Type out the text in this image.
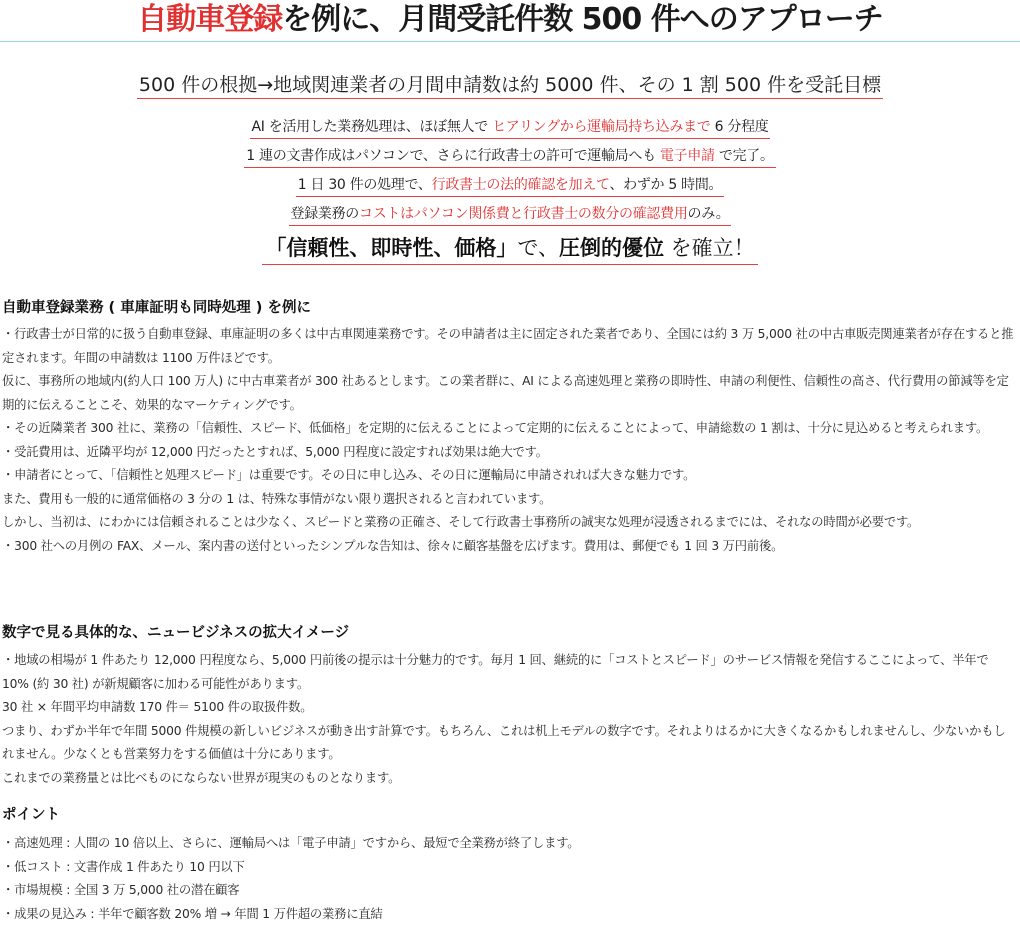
自動車登録を例に、月間受託件数 500 件へのアプローチ
500 件の根拠→地域関連業者の月間申請数は約 5000 件、その 1 割 500 件を受託目標
AI を活用した業務処理は、ほぼ無人で ヒアリングから運輸局持ち込みまで 6 分程度
1 連の文書作成はパソコンで、さらに行政書士の許可で運輸局へも 電子申請 で完了。
1 日 30 件の処理で、行政書士の法的確認を加えて、わずか 5 時間。
登録業務のコストはパソコン関係費と行政書士の数分の確認費用のみ。
「信頼性、即時性、価格」で、圧倒的優位 を確立！
自動車登録業務 ( 車庫証明も同時処理 ) を例に

・行政書士が日常的に扱う自動車登録、車庫証明の多くは中古車関連業務です。その申請者は主に固定された業者であり、全国には約 3 万 5,000 社の中古車販売関連業者が存在すると推定されます。年間の申請数は 1100 万件ほどです。

仮に、事務所の地域内(約人口 100 万人) に中古車業者が 300 社あるとします。この業者群に、AI による高速処理と業務の即時性、申請の利便性、信頼性の高さ、代行費用の節減等を定期的に伝えることこそ、効果的なマーケティングです。

・その近隣業者 300 社に、業務の「信頼性、スピード、低価格」を定期的に伝えることによって定期的に伝えることによって、申請総数の 1 割は、十分に見込めると考えられます。

・受託費用は、近隣平均が 12,000 円だったとすれば、5,000 円程度に設定すれば効果は絶大です。

・申請者にとって、「信頼性と処理スピード」は重要です。その日に申し込み、その日に運輸局に申請されれば大きな魅力です。

また、費用も一般的に通常価格の 3 分の 1 は、特殊な事情がない限り選択されると言われています。

しかし、当初は、にわかには信頼されることは少なく、スピードと業務の正確さ、そして行政書士事務所の誠実な処理が浸透されるまでには、それなの時間が必要です。

・300 社への月例の FAX、メール、案内書の送付といったシンプルな告知は、徐々に顧客基盤を広げます。費用は、郵便でも 1 回 3 万円前後。

数字で見る具体的な、ニュービジネスの拡大イメージ

・地域の相場が 1 件あたり 12,000 円程度なら、5,000 円前後の提示は十分魅力的です。毎月 1 回、継続的に「コストとスピード」のサービス情報を発信するここによって、半年で 10% (約 30 社) が新規顧客に加わる可能性があります。

30 社 × 年間平均申請数 170 件＝ 5100 件の取扱件数。

つまり、わずか半年で年間 5000 件規模の新しいビジネスが動き出す計算です。もちろん、これは机上モデルの数字です。それよりはるかに大きくなるかもしれませんし、少ないかもしれません。少なくとも営業努力をする価値は十分にあります。

これまでの業務量とは比べものにならない世界が現実のものとなります。

ポイント

・高速処理 : 人間の 10 倍以上、さらに、運輸局へは「電子申請」ですから、最短で全業務が終了します。

・低コスト : 文書作成 1 件あたり 10 円以下

・市場規模 : 全国 3 万 5,000 社の潜在顧客

・成果の見込み : 半年で顧客数 20% 増 → 年間 1 万件超の業務に直結
